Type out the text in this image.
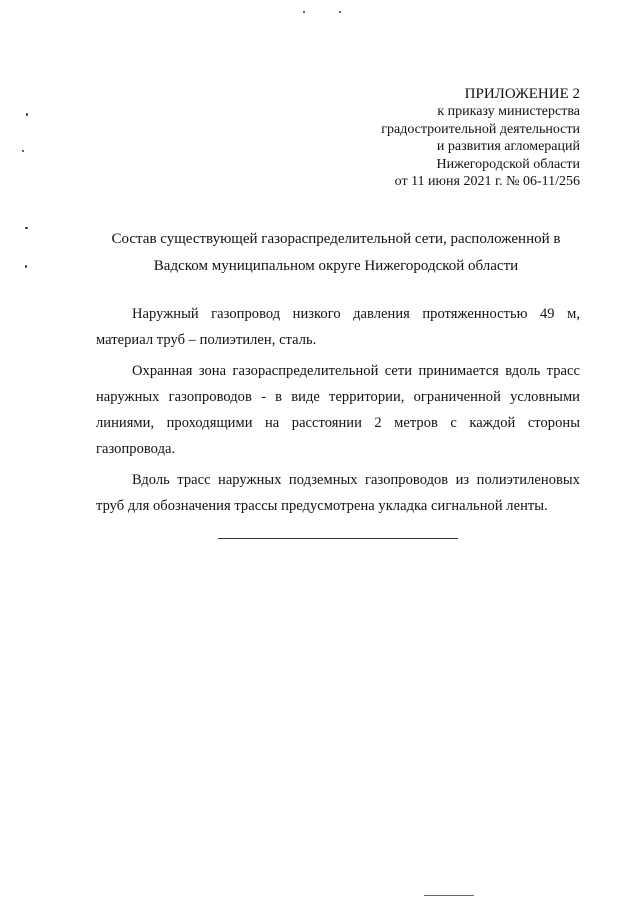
ПРИЛОЖЕНИЕ 2
к приказу министерства
градостроительной деятельности
и развития агломераций
Нижегородской области
от 11 июня 2021 г. № 06-11/256
Состав существующей газораспределительной сети, расположенной в
Вадском муниципальном округе Нижегородской области

Наружный газопровод низкого давления протяженностью 49 м, материал труб – полиэтилен, сталь.

Охранная зона газораспределительной сети принимается вдоль трасс наружных газопроводов - в виде территории, ограниченной условными линиями, проходящими на расстоянии 2 метров с каждой стороны газопровода.

Вдоль трасс наружных подземных газопроводов из полиэтиленовых труб для обозначения трассы предусмотрена укладка сигнальной ленты.
